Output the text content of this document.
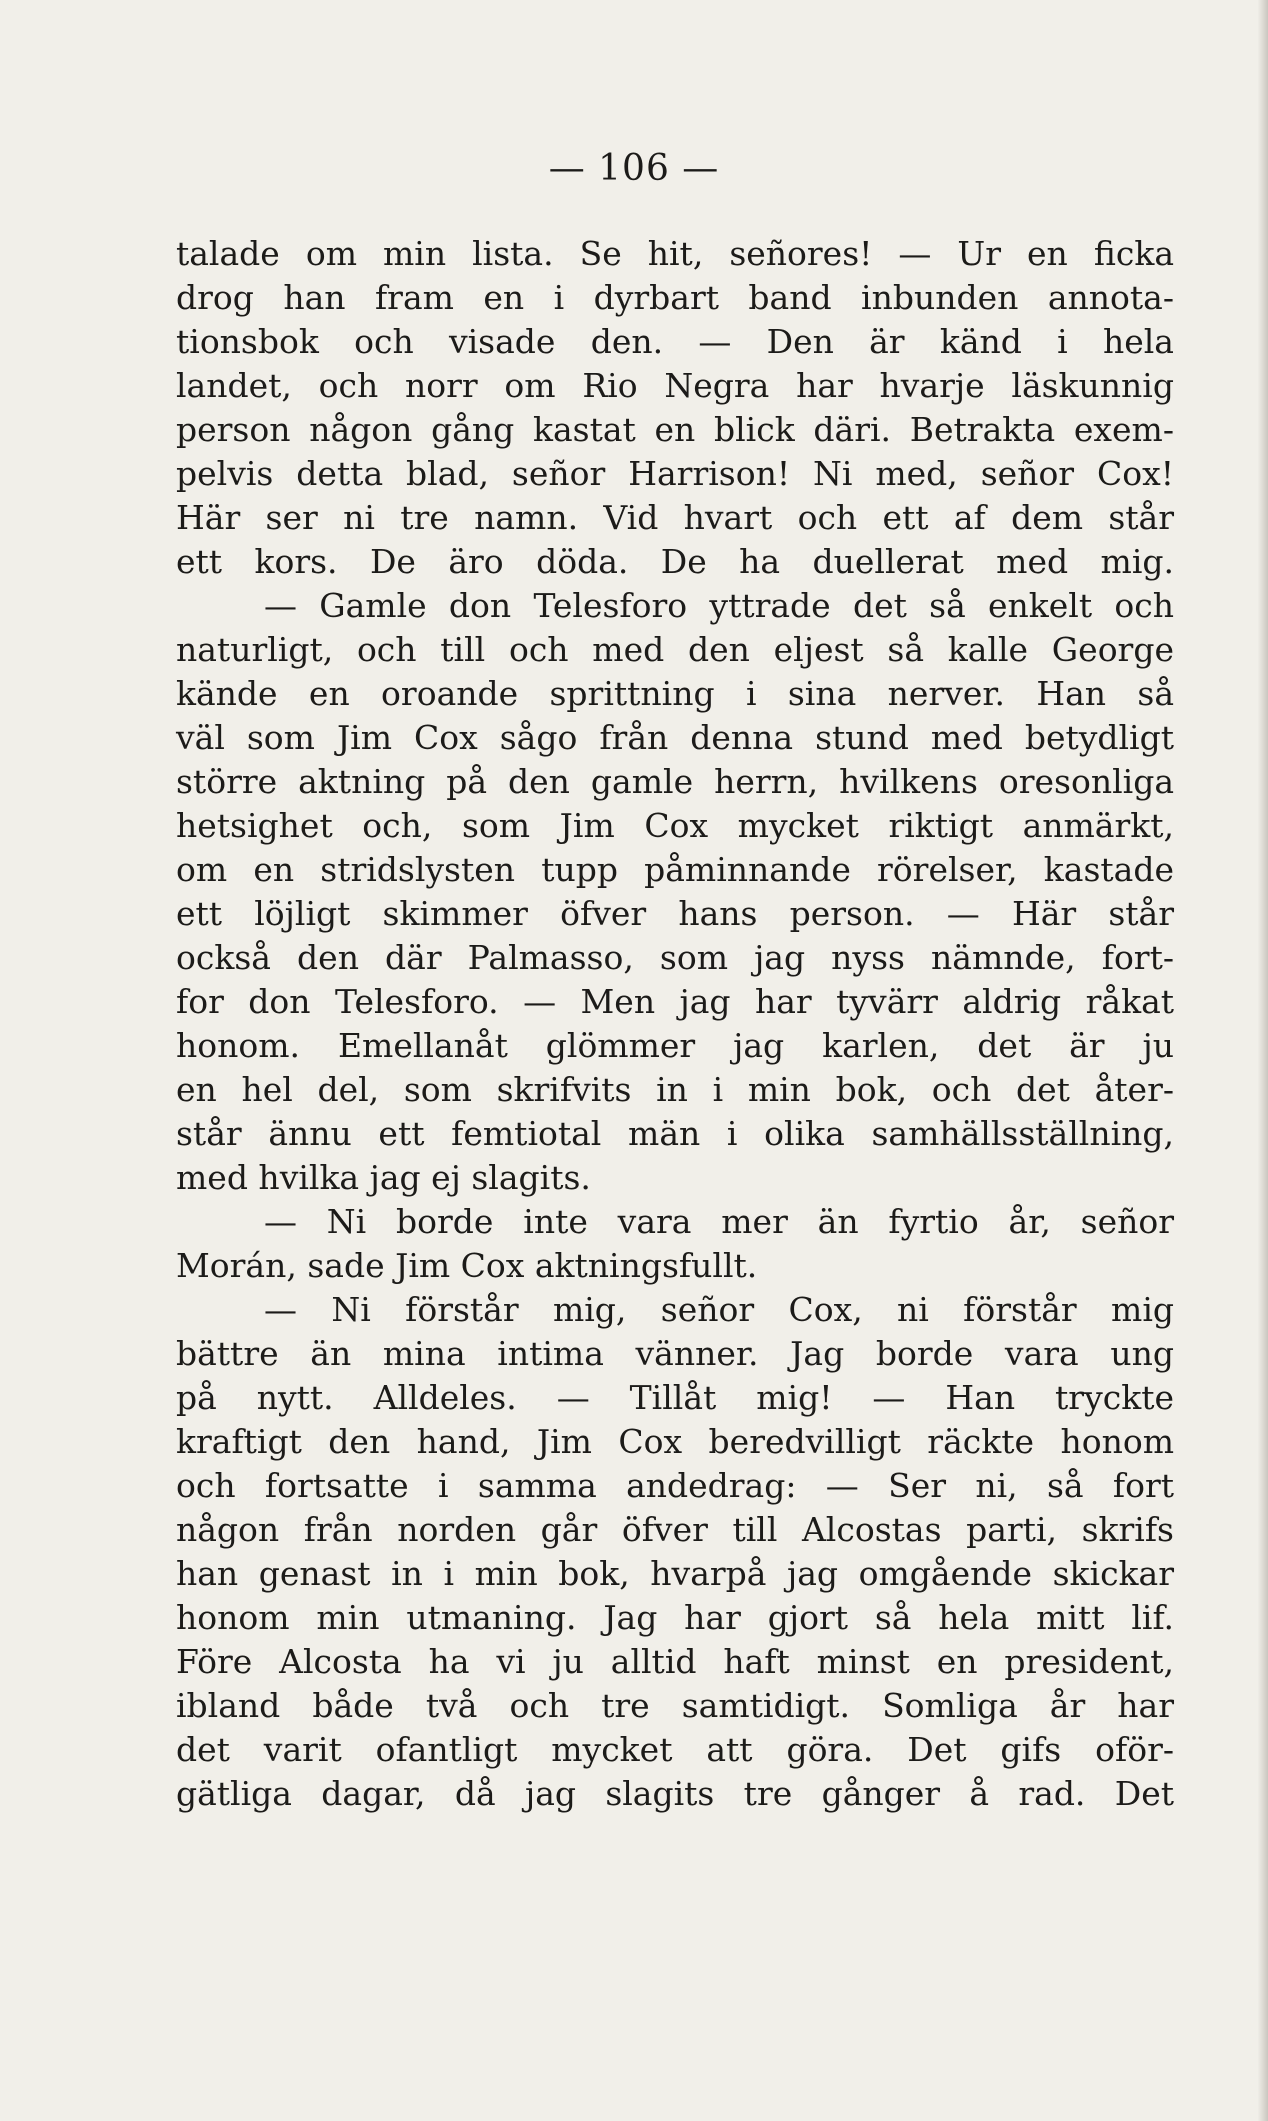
— 106 —
talade om min lista. Se hit, señores! — Ur en ficka
drog han fram en i dyrbart band inbunden annota-
tionsbok och visade den. — Den är känd i hela
landet, och norr om Rio Negra har hvarje läskunnig
person någon gång kastat en blick däri. Betrakta exem-
pelvis detta blad, señor Harrison! Ni med, señor Cox!
Här ser ni tre namn. Vid hvart och ett af dem står
ett kors. De äro döda. De ha duellerat med mig.
— Gamle don Telesforo yttrade det så enkelt och
naturligt, och till och med den eljest så kalle George
kände en oroande sprittning i sina nerver. Han så
väl som Jim Cox sågo från denna stund med betydligt
större aktning på den gamle herrn, hvilkens oresonliga
hetsighet och, som Jim Cox mycket riktigt anmärkt,
om en stridslysten tupp påminnande rörelser, kastade
ett löjligt skimmer öfver hans person. — Här står
också den där Palmasso, som jag nyss nämnde, fort-
for don Telesforo. — Men jag har tyvärr aldrig råkat
honom. Emellanåt glömmer jag karlen, det är ju
en hel del, som skrifvits in i min bok, och det åter-
står ännu ett femtiotal män i olika samhällsställning,
med hvilka jag ej slagits.
— Ni borde inte vara mer än fyrtio år, señor
Morán, sade Jim Cox aktningsfullt.
— Ni förstår mig, señor Cox, ni förstår mig
bättre än mina intima vänner. Jag borde vara ung
på nytt. Alldeles. — Tillåt mig! — Han tryckte
kraftigt den hand, Jim Cox beredvilligt räckte honom
och fortsatte i samma andedrag: — Ser ni, så fort
någon från norden går öfver till Alcostas parti, skrifs
han genast in i min bok, hvarpå jag omgående skickar
honom min utmaning. Jag har gjort så hela mitt lif.
Före Alcosta ha vi ju alltid haft minst en president,
ibland både två och tre samtidigt. Somliga år har
det varit ofantligt mycket att göra. Det gifs oför-
gätliga dagar, då jag slagits tre gånger å rad. Det
